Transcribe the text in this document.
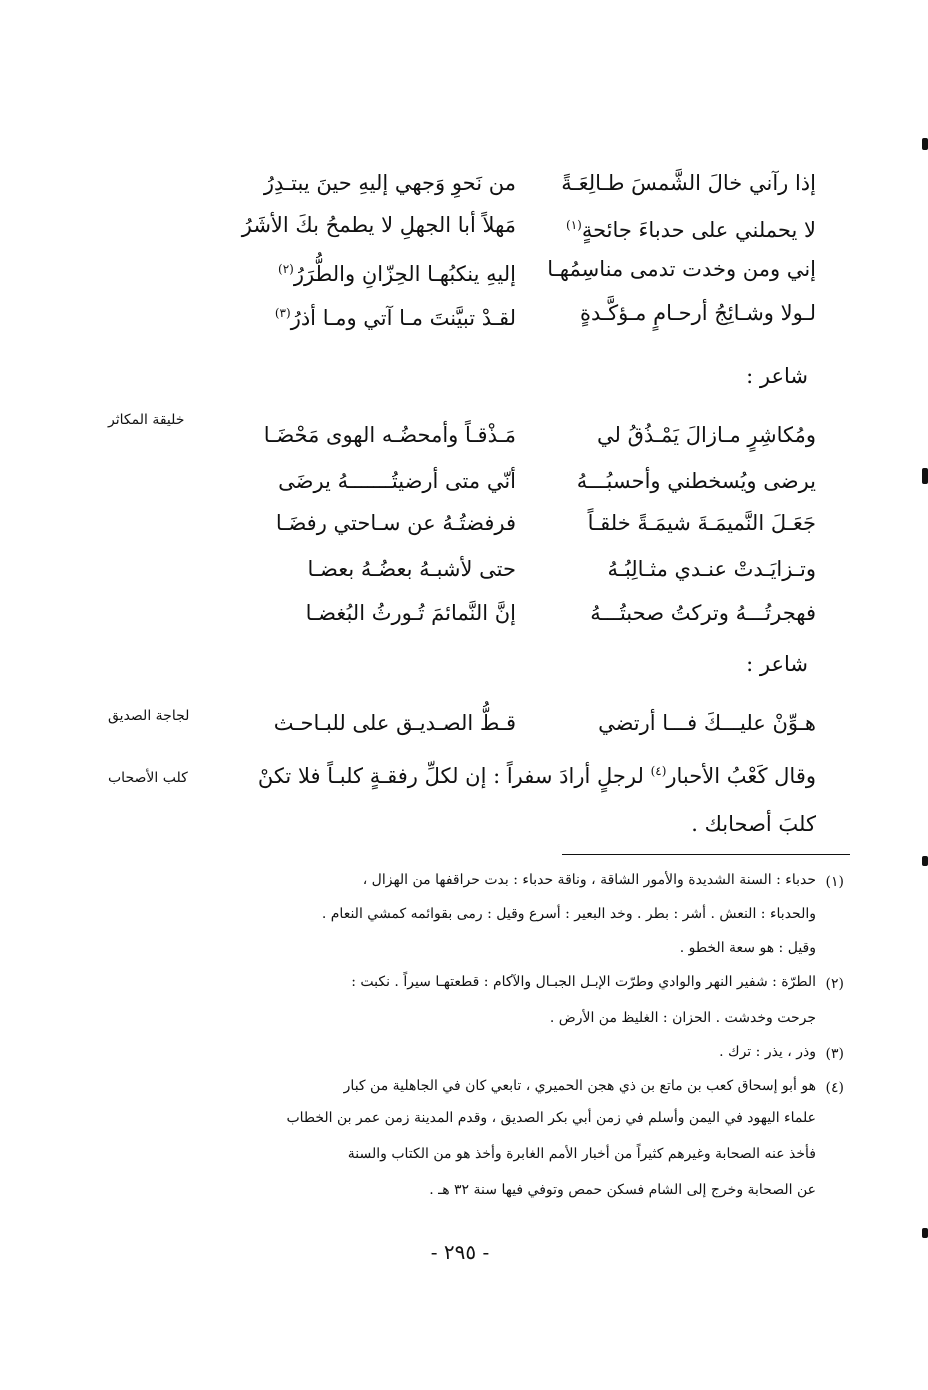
إذا رآني خالَ الشَّمسَ طـالِعَـةً
من نَحوِ وَجهي إليهِ حينَ يبتـدِرُ
لا يحملني على حدباءَ جائحةٍ$^{(١)}$
مَهلاً أبا الجهلِ لا يطمحُ بكَ الأشَرُ
إني ومن وخدت تدمى مناسِمُهـا
إليهِ ينكبُهـا الحِزّانِ والطُّرَرُ$^{(٢)}$
لـولا وشـائِجُ أرحـامٍ مـؤكَّـدةٍ
لقـدْ تبيَّنتَ مـا آتي ومـا أذرُ$^{(٣)}$
شاعر :
خليقة المكاثر
ومُكاشِرٍ مـازالَ يَمْـذُقُ لي
مَـذْقـاً وأمحضُـه الهوى مَحْضَـا
يرضى ويُسخطني وأحسبُـــهُ
أنّي متى أرضيتُـــــــهُ يرضَى
جَعَـلَ النَّميمَـةَ شيمَـةً خلقـاً
فرفضتُـهُ عن سـاحتي رفضَـا
وتـزايَـدتْ عنـدي مثـالِبُـهُ
حتى لأشبـهُ بعضُـهُ بعضـا
فهجرتُـــهُ وتركتُ صحبتُـــهُ
إنَّ النَّمائمَ تُـورثُ البُغضـا
شاعر :
لجاجة الصديق	هـوِّنْ عليـــكَ فـــا أرتضي
قـطُّ الصـديـق على للبـاحـث
كلب الأصحاب	وقال كَعْبُ الأحبار$^{(٤)}$ لرجلٍ أرادَ سفراً : إن لكلِّ رفقـةٍ كلبـاً فلا تكنْ
كلبَ أصحابك .
(١)
حدباء : السنة الشديدة والأمور الشاقة ، وناقة حدباء : بدت حراقفها من الهزال ،
والحدباء : النعش . أشر : بطر . وخد البعير : أسرع وقيل : رمى بقوائمه كمشي النعام .
وقيل : هو سعة الخطو .
(٢)
الطرّة : شفير النهر والوادي وطرّت الإبـل الجبـال والآكام : قطعتهـا سيراً . نكبت :
جرحت وخدشت . الحزان : الغليظ من الأرض .
(٣)
وذر ، يذر : ترك .
(٤)
هو أبو إسحاق كعب بن ماتع بن ذي هجن الحميري ، تابعي كان في الجاهلية من كبار
علماء اليهود في اليمن وأسلم في زمن أبي بكر الصديق ، وقدم المدينة زمن عمر بن الخطاب
فأخذ عنه الصحابة وغيرهم كثيراً من أخبار الأمم الغابرة وأخذ هو من الكتاب والسنة
عن الصحابة وخرج إلى الشام فسكن حمص وتوفي فيها سنة ٣٢ هـ .
- ٢٩٥ -
